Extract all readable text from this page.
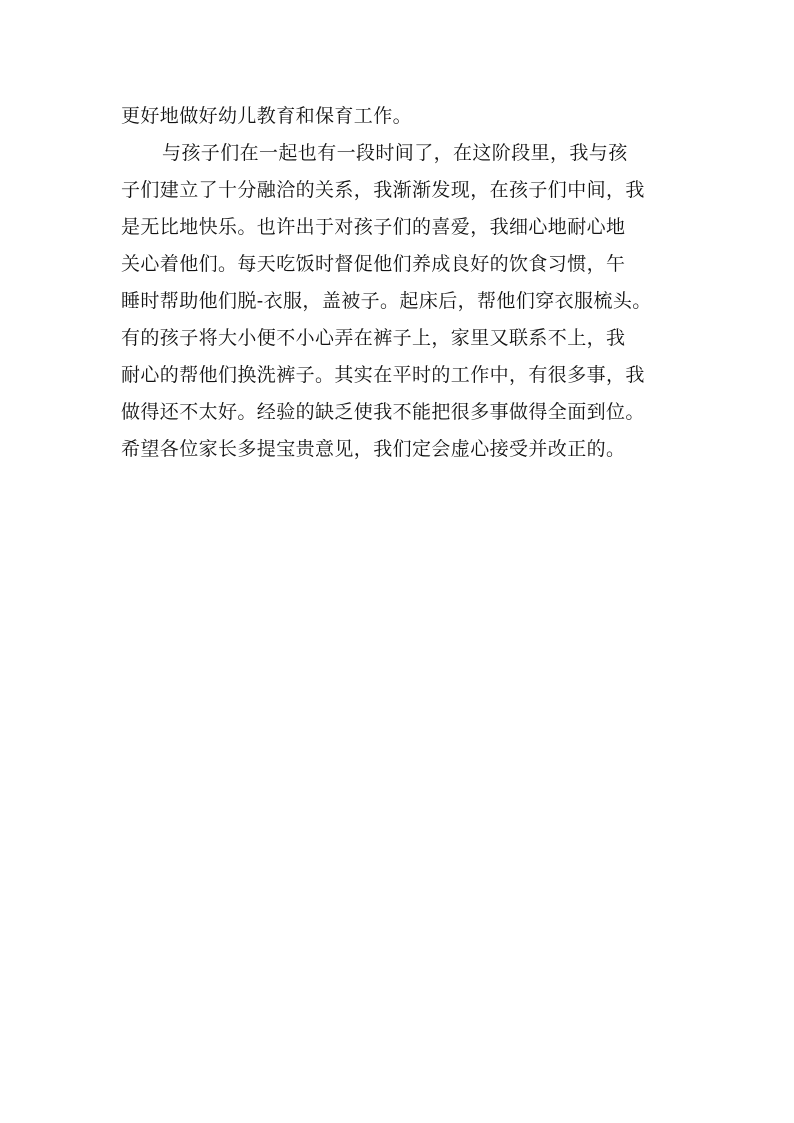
更好地做好幼儿教育和保育工作。
与孩子们在一起也有一段时间了，在这阶段里，我与孩
子们建立了十分融洽的关系，我渐渐发现，在孩子们中间，我
是无比地快乐。也许出于对孩子们的喜爱，我细心地耐心地
关心着他们。每天吃饭时督促他们养成良好的饮食习惯，午
睡时帮助他们脱-衣服，盖被子。起床后，帮他们穿衣服梳头。
有的孩子将大小便不小心弄在裤子上，家里又联系不上，我
耐心的帮他们换洗裤子。其实在平时的工作中，有很多事，我
做得还不太好。经验的缺乏使我不能把很多事做得全面到位。
希望各位家长多提宝贵意见，我们定会虚心接受并改正的。
